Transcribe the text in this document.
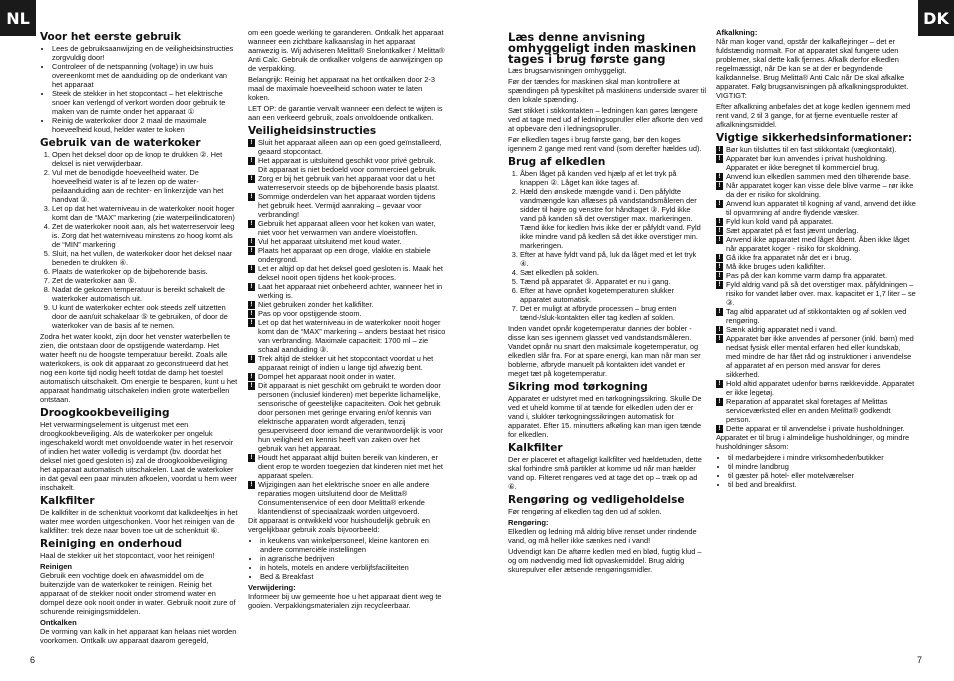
NL	DK
Voor het eerste gebruik
• Lees de gebruiksaanwijzing en de veiligheidsinstructies zorgvuldig door!
• Controleer of de netspanning (voltage) in uw huis overeenkomt met de aanduiding op de onderkant van het apparaat
• Steek de stekker in het stopcontact – het elektrische snoer kan verlengd of verkort worden door gebruik te maken van de ruimte onder het apparaat ①
• Reinig de waterkoker door 2 maal de maximale hoeveelheid koud, helder water te koken
Gebruik van de waterkoker
1. Open het deksel door op de knop te drukken ②. Het deksel is niet verwijderbaar.
2. Vul met de benodigde hoeveelheid water. De hoeveelheid water is af te lezen op de water-peilaanduiding aan de rechter- en linkerzijde van het handvat ③.
3. Let op dat het waterniveau in de waterkoker nooit hoger komt dan de “MAX” markering (zie waterpeilindicatoren)
4. Zet de waterkoker nooit aan, als het waterreservoir leeg is. Zorg dat het waterniveau minstens zo hoog komt als de “MIN” markering
5. Sluit, na het vullen, de waterkoker door het deksel naar beneden te drukken ④.
6. Plaats de waterkoker op de bijbehorende basis.
7. Zet de waterkoker aan ⑤.
8. Nadat de gekozen temperatuur is bereikt schakelt de waterkoker automatisch uit.
9. U kunt de waterkoker echter ook steeds zelf uitzetten door de aan/uit schakelaar ⑤ te gebruiken, of door de waterkoker van de basis af te nemen.

Zodra het water kookt, zijn door het venster waterbellen te zien, die ontstaan door de opstijgende waterdamp. Het water heeft nu de hoogste temperatuur bereikt. Zoals alle waterkokers, is ook dit apparaat zo geconstrueerd dat het nog een korte tijd nodig heeft totdat de damp het toestel automatisch uitschakelt. Om energie te besparen, kunt u het apparaat handmatig uitschakelen indien grote waterbellen ontstaan.

Droogkookbeveiliging

Het verwarmingselement is uitgerust met een droogkookbeveiliging. Als de waterkoker per ongeluk ingeschakeld wordt met onvoldoende water in het reservoir of indien het water volledig is verdampt (bv. doordat het deksel niet goed gesloten is) zal de droogkookbeveiliging het apparaat automatisch uitschakelen. Laat de waterkoker in dat geval een paar minuten afkoelen, voordat u hem weer inschakelt.

Kalkfilter

De kalkfilter in de schenktuit voorkomt dat kalkdeeltjes in het water mee worden uitgeschonken. Voor het reinigen van de kalkfilter: trek deze naar boven toe uit de schenktuit ⑥.

Reiniging en onderhoud

Haal de stekker uit het stopcontact, voor het reinigen!

Reinigen

Gebruik een vochtige doek en afwasmiddel om de buitenzijde van de waterkoker te reinigen. Reinig het apparaat of de stekker nooit onder stromend water en dompel deze ook nooit onder in water. Gebruik nooit zure of schurende reinigingsmiddelen.

Ontkalken

De vorming van kalk in het apparaat kan helaas niet worden voorkomen. Ontkalk uw apparaat daarom geregeld,

om een goede werking te garanderen. Ontkalk het apparaat wanneer een zichtbare kalkaanslag in het apparaat aanwezig is. Wij adviseren Melitta® Snelontkalker / Melitta® Anti Calc. Gebruik de ontkalker volgens de aanwijzingen op de verpakking.

Belangrijk: Reinig het apparaat na het ontkalken door 2-3 maal de maximale hoeveelheid schoon water te laten koken.

LET OP: de garantie vervalt wanneer een defect te wijten is aan een verkeerd gebruik, zoals onvoldoende ontkalken.

Veiligheidsinstructies
! Sluit het apparaat alleen aan op een goed geïnstalleerd, geaard stopcontact.
! Het apparaat is uitsluitend geschikt voor privé gebruik. Dit apparaat is niet bedoeld voor commercieel gebruik.
! Zorg er bij het gebruik van het apparaat voor dat u het waterreservoir steeds op de bijbehorende basis plaatst.
! Sommige onderdelen van het apparaat worden tijdens het gebruik heet. Vermijd aanraking – gevaar voor verbranding!
! Gebruik het apparaat alleen voor het koken van water, niet voor het verwarmen van andere vloeistoffen.
! Vul het apparaat uitsluitend met koud water.
! Plaats het apparaat op een droge, vlakke en stabiele ondergrond.
! Let er altijd op dat het deksel goed gesloten is. Maak het deksel nooit open tijdens het kook-proces.
! Laat het apparaat niet onbeheerd achter, wanneer het in werking is.
! Niet gebruiken zonder het kalkfilter.
! Pas op voor opstijgende stoom.
! Let op dat het waterniveau in de waterkoker nooit hoger komt dan de “MAX” markering – anders bestaat het risico van verbranding. Maximale capaciteit: 1700 ml – zie schaal aanduiding ③.
! Trek altijd de stekker uit het stopcontact voordat u het apparaat reinigt of indien u lange tijd afwezig bent.
! Dompel het apparaat nooit onder in water.
! Dit apparaat is niet geschikt om gebruikt te worden door personen (inclusief kinderen) met beperkte lichamelijke, sensorische of geestelijke capaciteiten. Ook het gebruik door personen met geringe ervaring en/of kennis van elektrische apparaten wordt afgeraden, tenzij gesuperviseerd door iemand die verantwoordelijk is voor hun veiligheid en kennis heeft van zaken over het gebruik van het apparaat.
! Houdt het apparaat altijd buiten bereik van kinderen, er dient erop te worden toegezien dat kinderen niet met het apparaat spelen.
! Wijzigingen aan het elektrische snoer en alle andere reparaties mogen uitsluitend door de Melitta® Consumentenservice of een door Melitta® erkende klantendienst of speciaalzaak worden uitgevoerd.

Dit apparaat is ontwikkeld voor huishoudelijk gebruik en vergelijkbaar gebruik zoals bijvoorbeeld:

• in keukens van winkelpersoneel, kleine kantoren en andere commerciële instellingen
• in agrarische bedrijven
• in hotels, motels en andere verblijfsfaciliteiten
• Bed & Breakfast
Verwijdering:

Informeer bij uw gemeente hoe u het apparaat dient weg te gooien. Verpakkingsmaterialen zijn recycleerbaar.

Læs denne anvisning omhyggeligt inden maskinen tages i brug første gang

Læs brugsanvisningen omhyggeligt.

Før der tændes for maskinen skal man kontrollere at spændingen på typeskiltet på maskinens underside svarer til den lokale spænding.

Sæt stikket i stikkontakten – ledningen kan gøres længere ved at tage med ud af ledningsopruller eller afkorte den ved at opbevare den i ledningsopruller.

Før elkedlen tages i brug første gang, bør den koges igennem 2 gange med rent vand (som derefter hældes ud).

Brug af elkedlen
1. Åben låget på kanden ved hjælp af et let tryk på knappen ②. Låget kan ikke tages af.
2. Hæld den ønskede mængde vand i. Den påfyldte vandmængde kan aflæses på vandstandsmåleren der sidder til højre og venstre for håndtaget ③. Fyld ikke vand på kanden så det overstiger max. markeringen. Tænd ikke for kedlen hvis ikke der er påfyldt vand. Fyld ikke mindre vand på kedlen så det ikke overstiger min. markeringen.
3. Efter at have fyldt vand på, luk da låget med et let tryk ④.
4. Sæt elkedlen på soklen.
5. Tænd på apparatet ⑤. Apparatet er nu i gang.
6. Efter at have opnået kogetemperaturen slukker apparatet automatisk.
7. Det er muligt at afbryde processen – brug enten tænd-/sluk-kontakten eller tag kedlen af soklen.

Inden vandet opnår kogetemperatur dannes der bobler - disse kan ses igennem glasset ved vandstandsmåleren. Vandet opnår nu snart den maksimale kogetemperatur, og elkedlen slår fra. For at spare energi, kan man når man ser boblerne, afbryde manuelt på kontakten idet vandet er meget tæt på kogetemperatur.

Sikring mod tørkogning

Apparatet er udstyret med en tørkogningssikring. Skulle De ved et uheld komme til at tænde for elkedlen uden der er vand i, slukker tørkogningssikringen automatisk for apparatet. Efter 15. minutters afkøling kan man igen tænde for elkedlen.

Kalkfilter

Der er placeret et aftageligt kalkfilter ved hældetuden, dette skal forhindre små partikler at komme ud når man hælder vand op. Filteret rengøres ved at tage det op – træk op ad ⑥.

Rengøring og vedligeholdelse

Før rengøring af elkedlen tag den ud af soklen.

Rengøring:

Elkedlen og ledning må aldrig blive renset under rindende vand, og må heller ikke sænkes ned i vand!

Udvendigt kan De aftørre kedlen med en blød, fugtig klud – og om nødvendig med lidt opvaskemiddel. Brug aldrig skurepulver eller ætsende rengøringsmidler.

Afkalkning:

Når man koger vand, opstår der kalkaflejringer – det er fuldstændig normalt. For at apparatet skal fungere uden problemer, skal dette kalk fjernes. Afkalk derfor elkedlen regelmæssigt, når De kan se at der er begyndende kalkdannelse. Brug Melitta® Anti Calc når De skal afkalke apparatet. Følg brugsanvisningen på afkalkningsproduktet. VIGTIGT:

Efter afkalkning anbefales det at koge kedlen igennem med rent vand, 2 til 3 gange, for at fjerne eventuelle rester af afkalkningsmiddel.

Vigtige sikkerhedsinformationer:
! Bør kun tilsluttes til en fast stikkontakt (vægkontakt).
! Apparatet bør kun anvendes i privat husholdning. Apparatet er ikke beregnet til kommerciel brug.
! Anvend kun elkedlen sammen med den tilhørende base.
! Når apparatet koger kan visse dele blive varme – rør ikke da der er risiko for skoldning.
! Anvend kun apparatet til kogning af vand, anvend det ikke til opvarmning af andre flydende væsker.
! Fyld kun kold vand på apparatet.
! Sæt apparatet på et fast jævnt underlag.
! Anvend ikke apparatet med låget åbent. Åben ikke låget når apparatet koger - risiko for skoldning.
! Gå ikke fra apparatet når det er i brug.
! Må ikke bruges uden kalkfilter.
! Pas på der kan komme varm damp fra apparatet.
! Fyld aldrig vand på så det overstiger max. påfyldningen – risiko for vandet løber over. max. kapacitet er 1,7 liter – se ③.
! Tag altid apparatet ud af stikkontakten og af soklen ved rengøring.
! Sænk aldrig apparatet ned i vand.
! Apparatet bør ikke anvendes af personer (inkl. børn) med nedsat fysisk eller mental erfaren hed eller kundskab, med mindre de har fået råd og instruktioner i anvendelse af apparatet af en person med ansvar for deres sikkerhed.
! Hold altid apparatet udenfor børns rækkevidde. Apparatet er ikke legetøj.
! Reparation af apparatet skal foretages af Melittas serviceværksted eller en anden Melitta® godkendt person.
! Dette apparat er til anvendelse i private husholdninger.

Apparatet er til brug i almindelige husholdninger, og mindre husholdninger såsom:

• til medarbejdere i mindre virksomheder/butikker
• til mindre landbrug
• til gæster på hotel- eller motelværelser
• til bed and breakfirst.
6	7
